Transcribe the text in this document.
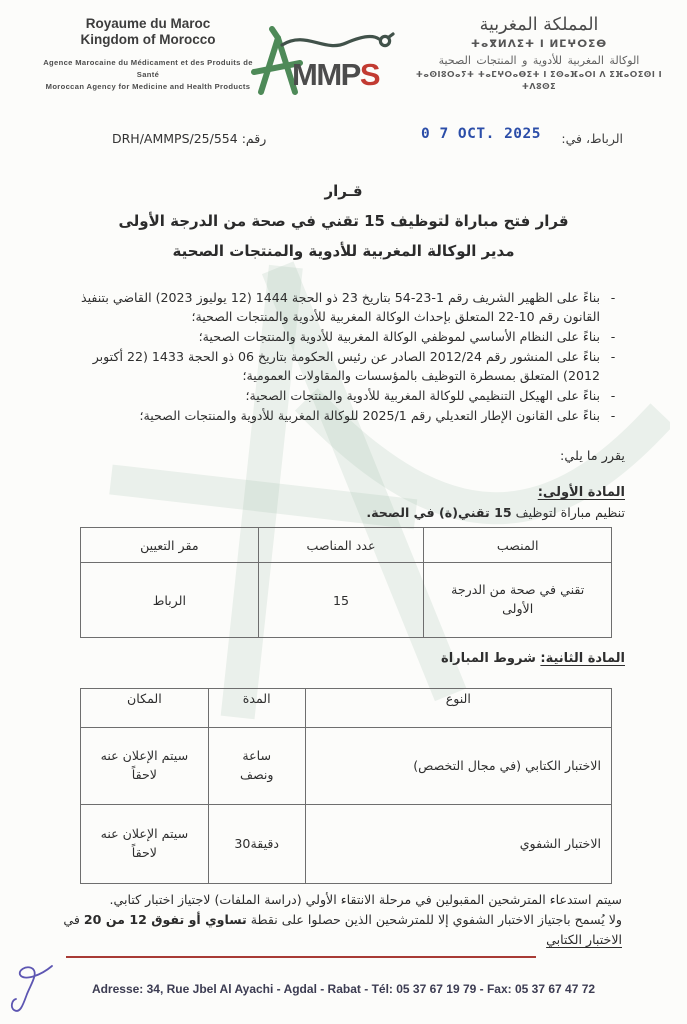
Royaume du Maroc
Kingdom of Morocco
Agence Marocaine du Médicament et des Produits de Santé
Moroccan Agency for Medicine and Health Products MMPS
المملكة المغربية
ⵜⴰⴳⵍⴷⵉⵜ ⵏ ⵍⵎⵖⵔⵉⴱ
الوكالة المغربية للأدوية و المنتجات الصحية
ⵜⴰⵙⵏⵓⵔⴰⵢⵜ ⵜⴰⵎⵖⵔⴰⴱⵉⵜ ⵏ ⵉⵙⴰⴼⴰⵔⵏ ⴷ ⵉⴼⴰⵔⵉⵙⵏ ⵏ ⵜⴷⵓⵙⵉ
رقم: 554/DRH/AMMPS/25	الرباط، في:
0 7 OCT. 2025
قـرار
قرار فتح مباراة لتوظيف 15 تقني في صحة من الدرجة الأولى
مدير الوكالة المغربية للأدوية والمنتجات الصحية
-
بناءً على الظهير الشريف رقم 1-23-54 بتاريخ 23 ذو الحجة 1444 (12 يوليوز 2023) القاضي بتنفيذ القانون رقم 10-22 المتعلق بإحداث الوكالة المغربية للأدوية والمنتجات الصحية؛
-
بناءً على النظام الأساسي لموظفي الوكالة المغربية للأدوية والمنتجات الصحية؛
-
بناءً على المنشور رقم 2012/24 الصادر عن رئيس الحكومة بتاريخ 06 ذو الحجة 1433 (22 أكتوبر 2012) المتعلق بمسطرة التوظيف بالمؤسسات والمقاولات العمومية؛
-
بناءً على الهيكل التنظيمي للوكالة المغربية للأدوية والمنتجات الصحية؛
-
بناءً على القانون الإطار التعديلي رقم 2025/1 للوكالة المغربية للأدوية والمنتجات الصحية؛
يقرر ما يلي:
المادة الأولى:
تنظيم مباراة لتوظيف 15 تقني(ة) في الصحة.
المنصب	عدد المناصب	مقر التعيين
تقني في صحة من الدرجة الأولى	15	الرباط
المادة الثانية: شروط المباراة
النوع	المدة	المكان
الاختبار الكتابي (في مجال التخصص)	ساعة ونصف	سيتم الإعلان عنه لاحقاً
الاختبار الشفوي	30دقيقة	سيتم الإعلان عنه لاحقاً
سيتم استدعاء المترشحين المقبولين في مرحلة الانتقاء الأولي (دراسة الملفات) لاجتياز اختبار كتابي.
ولا يُسمح باجتياز الاختبار الشفوي إلا للمترشحين الذين حصلوا على نقطة تساوي أو تفوق 12 من 20 في
الاختبار الكتابي
Adresse: 34, Rue Jbel Al Ayachi - Agdal - Rabat - Tél: 05 37 67 19 79 - Fax: 05 37 67 47 72
